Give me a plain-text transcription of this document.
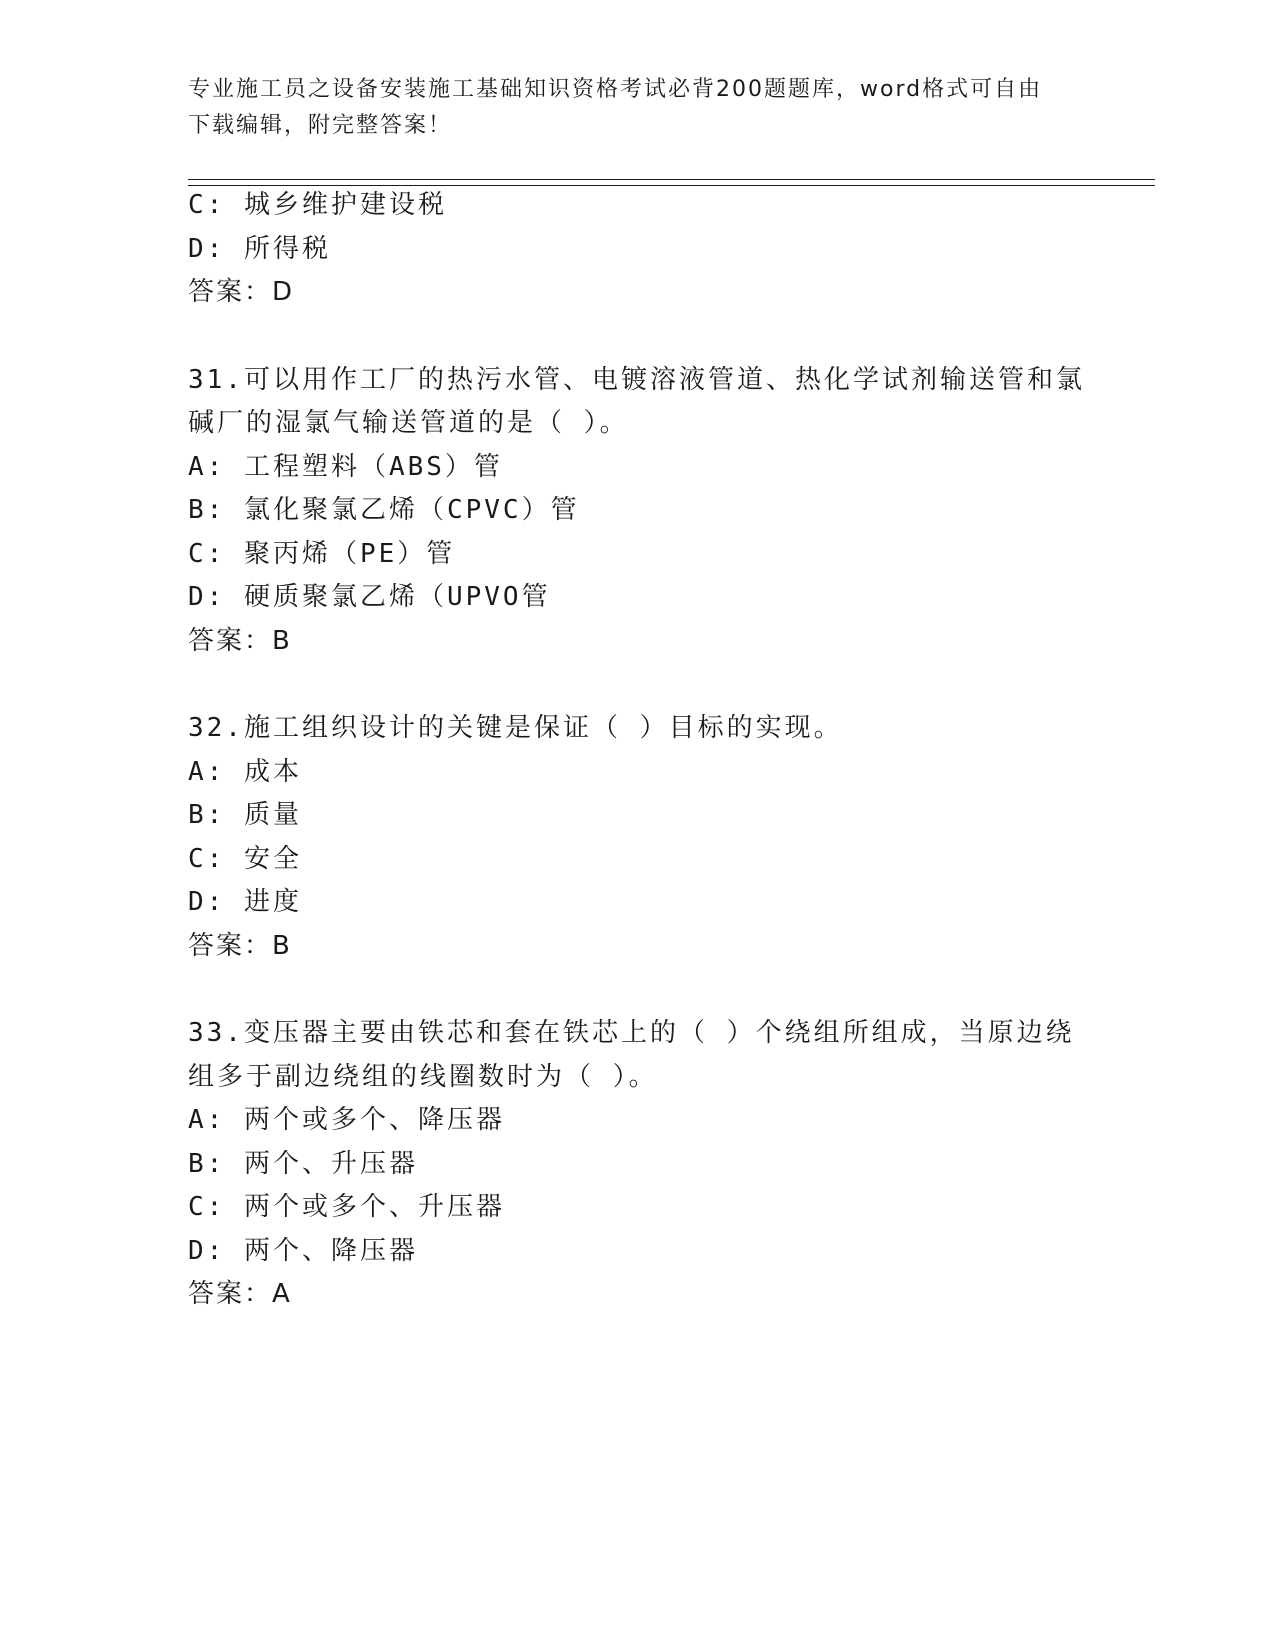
专业施工员之设备安装施工基础知识资格考试必背200题题库，word格式可自由
下载编辑，附完整答案！
C: 城乡维护建设税
D: 所得税
答案：D
31.可以用作工厂的热污水管、电镀溶液管道、热化学试剂输送管和氯
碱厂的湿氯气输送管道的是（ ）。
A: 工程塑料（ABS）管
B: 氯化聚氯乙烯（CPVC）管
C: 聚丙烯（PE）管
D: 硬质聚氯乙烯（UPVO管
答案：B
32.施工组织设计的关键是保证（ ）目标的实现。
A: 成本
B: 质量
C: 安全
D: 进度
答案：B
33.变压器主要由铁芯和套在铁芯上的（ ）个绕组所组成，当原边绕
组多于副边绕组的线圈数时为（ ）。
A: 两个或多个、降压器
B: 两个、升压器
C: 两个或多个、升压器
D: 两个、降压器
答案：A
